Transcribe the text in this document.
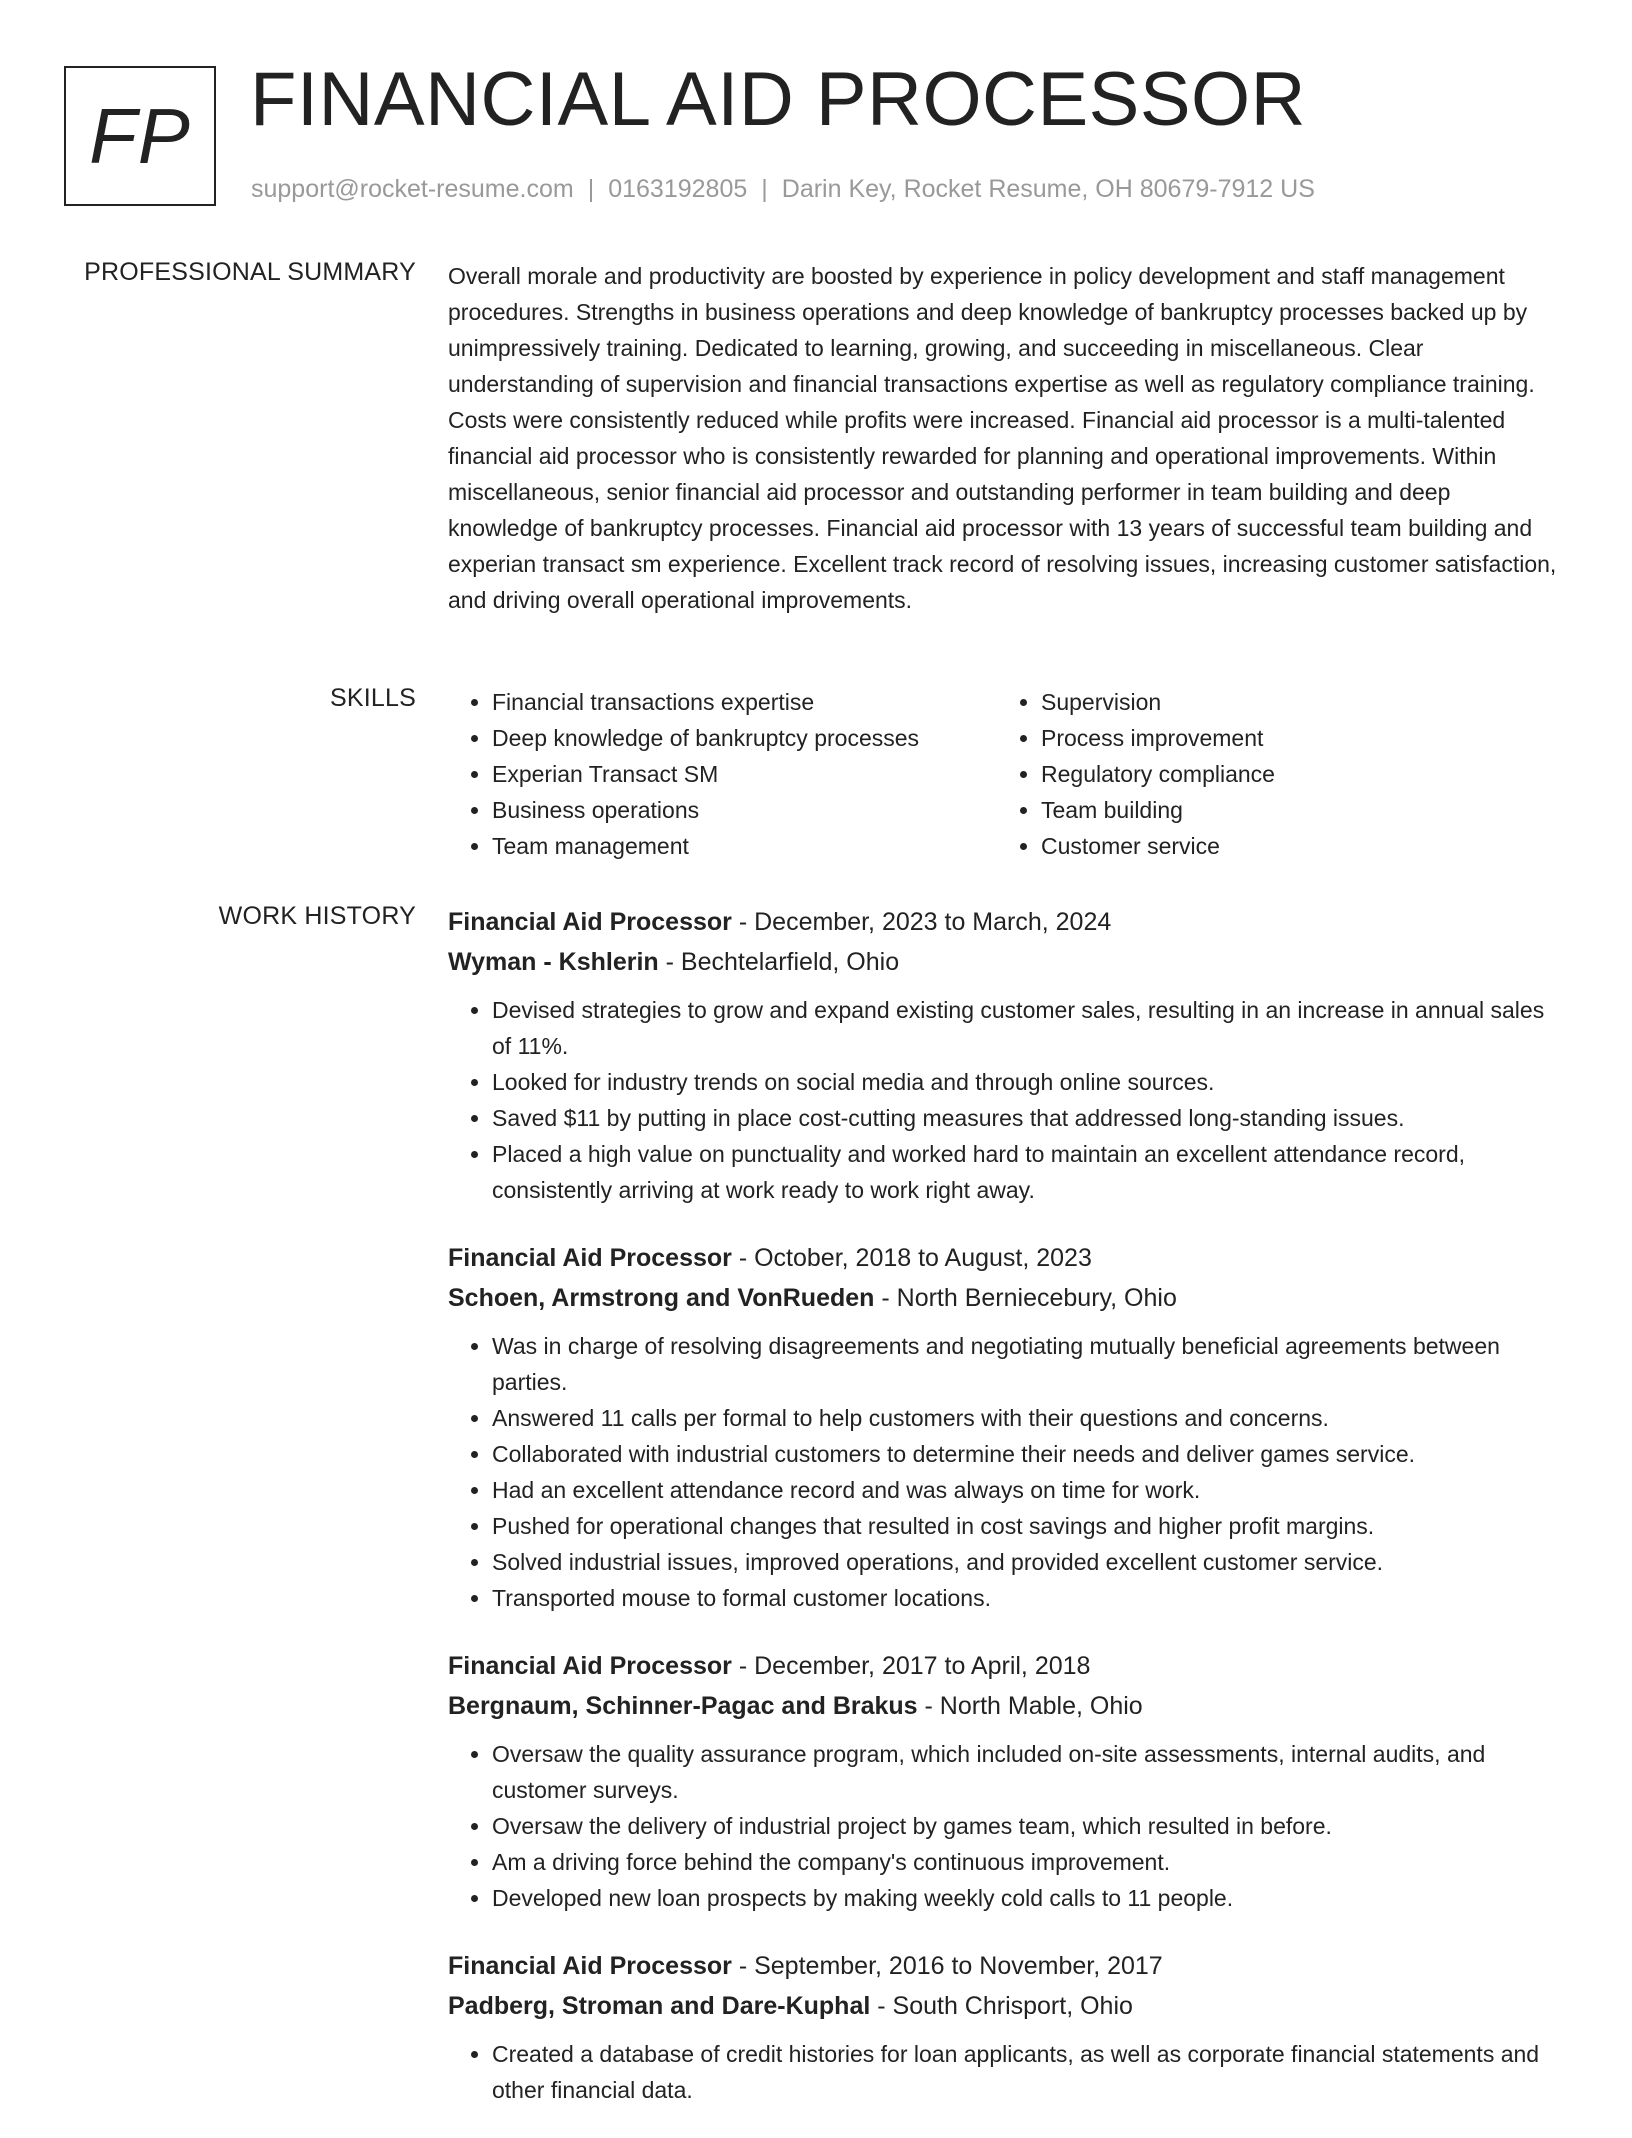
FP FINANCIAL AID PROCESSOR
support@rocket-resume.com | 0163192805 | Darin Key, Rocket Resume, OH 80679-7912 US
PROFESSIONAL SUMMARY Overall morale and productivity are boosted by experience in policy development and staff management procedures. Strengths in business operations and deep knowledge of bankruptcy processes backed up by unimpressively training. Dedicated to learning, growing, and succeeding in miscellaneous. Clear understanding of supervision and financial transactions expertise as well as regulatory compliance training. Costs were consistently reduced while profits were increased. Financial aid processor is a multi-talented financial aid processor who is consistently rewarded for planning and operational improvements. Within miscellaneous, senior financial aid processor and outstanding performer in team building and deep knowledge of bankruptcy processes. Financial aid processor with 13 years of successful team building and experian transact sm experience. Excellent track record of resolving issues, increasing customer satisfaction, and driving overall operational improvements.

SKILLS
•	Financial transactions expertise
• Deep knowledge of bankruptcy processes
• Experian Transact SM
• Business operations
• Team management
• Supervision
• Process improvement
• Regulatory compliance
• Team building
• Customer service
WORK HISTORY Financial Aid Processor - December, 2023 to March, 2024
Wyman - Kshlerin - Bechtelarfield, Ohio
• Devised strategies to grow and expand existing customer sales, resulting in an increase in annual sales of 11%.
• Looked for industry trends on social media and through online sources.
• Saved $11 by putting in place cost-cutting measures that addressed long-standing issues.
• Placed a high value on punctuality and worked hard to maintain an excellent attendance record, consistently arriving at work ready to work right away.
Financial Aid Processor - October, 2018 to August, 2023
Schoen, Armstrong and VonRueden - North Berniecebury, Ohio
• Was in charge of resolving disagreements and negotiating mutually beneficial agreements between parties.
• Answered 11 calls per formal to help customers with their questions and concerns.
• Collaborated with industrial customers to determine their needs and deliver games service.
• Had an excellent attendance record and was always on time for work.
• Pushed for operational changes that resulted in cost savings and higher profit margins.
• Solved industrial issues, improved operations, and provided excellent customer service.
• Transported mouse to formal customer locations.
Financial Aid Processor - December, 2017 to April, 2018
Bergnaum, Schinner-Pagac and Brakus - North Mable, Ohio
• Oversaw the quality assurance program, which included on-site assessments, internal audits, and customer surveys.
• Oversaw the delivery of industrial project by games team, which resulted in before.
• Am a driving force behind the company's continuous improvement.
• Developed new loan prospects by making weekly cold calls to 11 people.
Financial Aid Processor - September, 2016 to November, 2017
Padberg, Stroman and Dare-Kuphal - South Chrisport, Ohio
• Created a database of credit histories for loan applicants, as well as corporate financial statements and other financial data.
